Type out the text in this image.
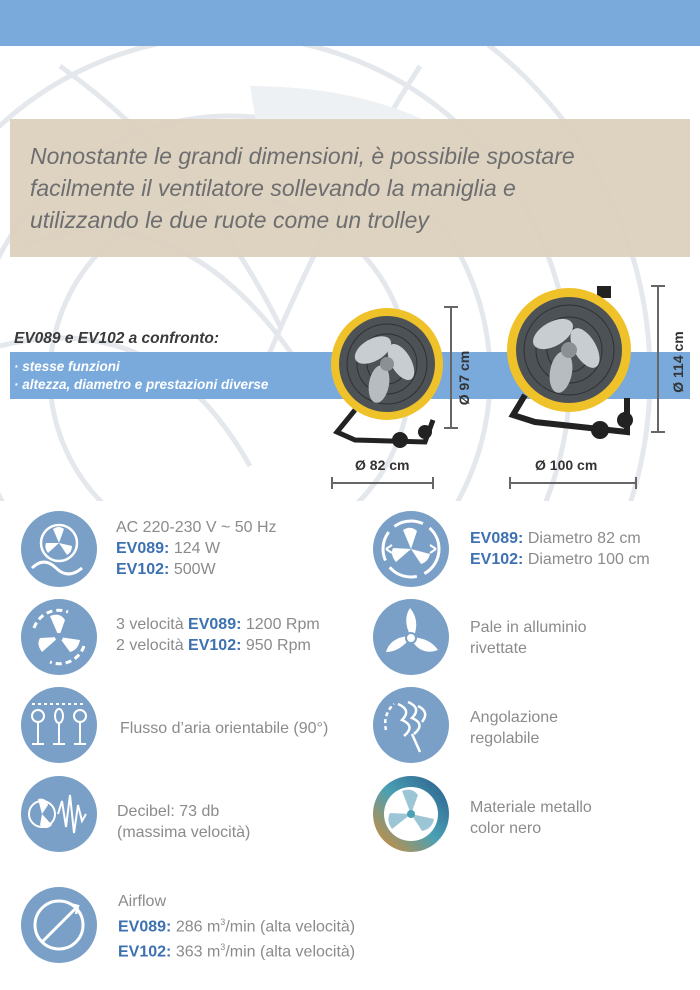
Nonostante le grandi dimensioni, è possibile spostare
facilmente il ventilatore sollevando la maniglia e
utilizzando le due ruote come un trolley

EV089 e EV102 a confronto:

· stesse funzioni

· altezza, diametro e prestazioni diverse	Ø 97 cm
Ø 82 cm
Ø 114 cm
Ø 100 cm
AC 220-230 V ~ 50 Hz
EV089: 124 W
EV102: 500W
EV089: Diametro 82 cm
EV102: Diametro 100 cm
3 velocità EV089: 1200 Rpm
2 velocità EV102: 950 Rpm
Pale in alluminio
rivettate
Flusso d’aria orientabile (90°)
Angolazione
regolabile
Decibel: 73 db
(massima velocità)
Materiale metallo
color nero
Airflow
EV089: 286 $m^3/\min$ (alta velocità)
EV102: 363 $m^3/\min$ (alta velocità)
